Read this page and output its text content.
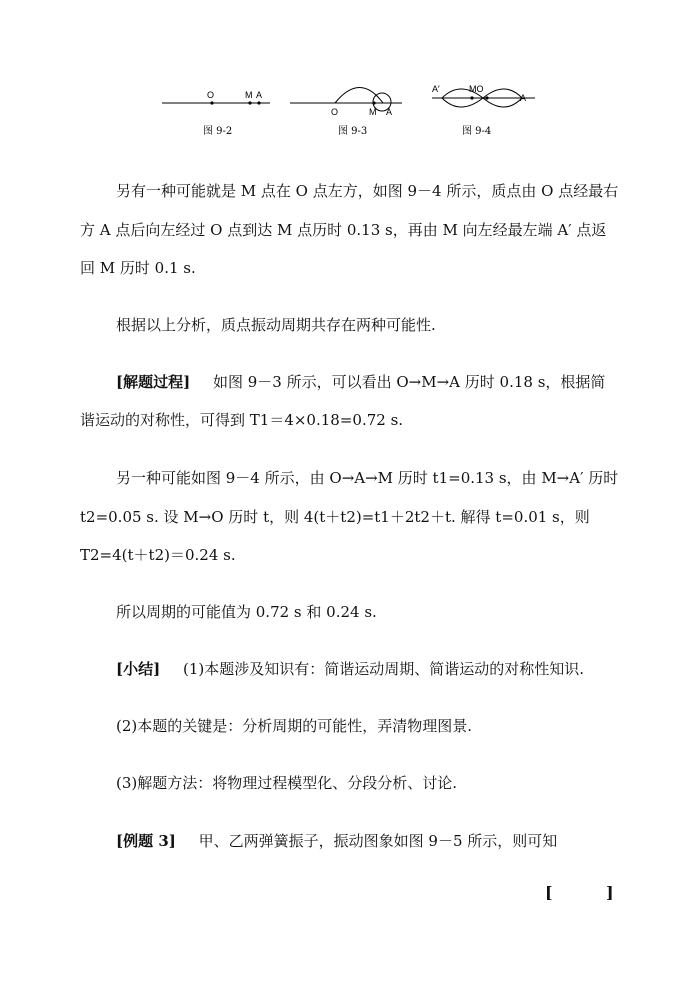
O	M A
图 9-2
O	M A
图 9-3
A′	MO
A
图 9-4
另有一种可能就是 M 点在 O 点左方，如图 9－4 所示，质点由 O 点经最右
方 A 点后向左经过 O 点到达 M 点历时 0.13 s，再由 M 向左经最左端 A′ 点返
回 M 历时 0.1 s.
根据以上分析，质点振动周期共存在两种可能性.
[解题过程] 如图 9－3 所示，可以看出 O→M→A 历时 0.18 s，根据简
谐运动的对称性，可得到 T1＝4×0.18=0.72 s.
另一种可能如图 9－4 所示，由 O→A→M 历时 t1=0.13 s，由 M→A′ 历时
t2=0.05 s. 设 M→O 历时 t，则 4(t＋t2)=t1＋2t2＋t. 解得 t=0.01 s，则
T2=4(t＋t2)＝0.24 s.
所以周期的可能值为 0.72 s 和 0.24 s.
[小结] (1)本题涉及知识有：简谐运动周期、简谐运动的对称性知识.
(2)本题的关键是：分析周期的可能性，弄清物理图景.
(3)解题方法：将物理过程模型化、分段分析、讨论.
[例题 3] 甲、乙两弹簧振子，振动图象如图 9－5 所示，则可知
[	]
